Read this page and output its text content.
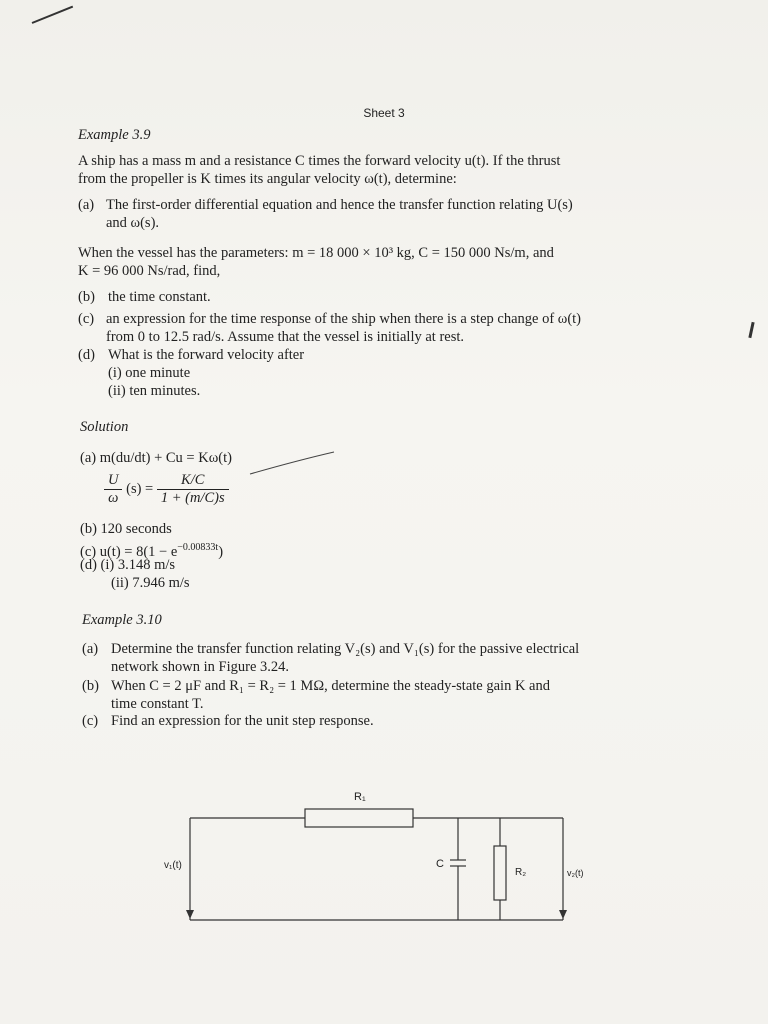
Sheet 3
Example 3.9
A ship has a mass m and a resistance C times the forward velocity u(t). If the thrust
from the propeller is K times its angular velocity ω(t), determine:
(a) The first-order differential equation and hence the transfer function relating U(s)
and ω(s).
When the vessel has the parameters: m = 18 000 × 10³ kg, C = 150 000 Ns/m, and
K = 96 000 Ns/rad, find,
(b) the time constant.
(c) an expression for the time response of the ship when there is a step change of ω(t)
from 0 to 12.5 rad/s. Assume that the vessel is initially at rest.
(d) What is the forward velocity after
(i) one minute
(ii) ten minutes.
Solution
(a) m(du/dt) + Cu = Kω(t)
$\frac{U}{\omega} (s) = \frac{K/C}{1 + (m/C)s}$
(b) 120 seconds
(c) $u(t) = 8(1 - e^{-0.00833t})$
(d) (i) 3.148 m/s
(ii) 7.946 m/s
Example 3.10
(a) Determine the transfer function relating V₂(s) and V₁(s) for the passive electrical
network shown in Figure 3.24.
(b) When C = 2 μF and R₁ = R₂ = 1 MΩ, determine the steady-state gain K and
time constant T.
(c) Find an expression for the unit step response.
R₁
C
R₂
v₁(t)
v₂(t)
